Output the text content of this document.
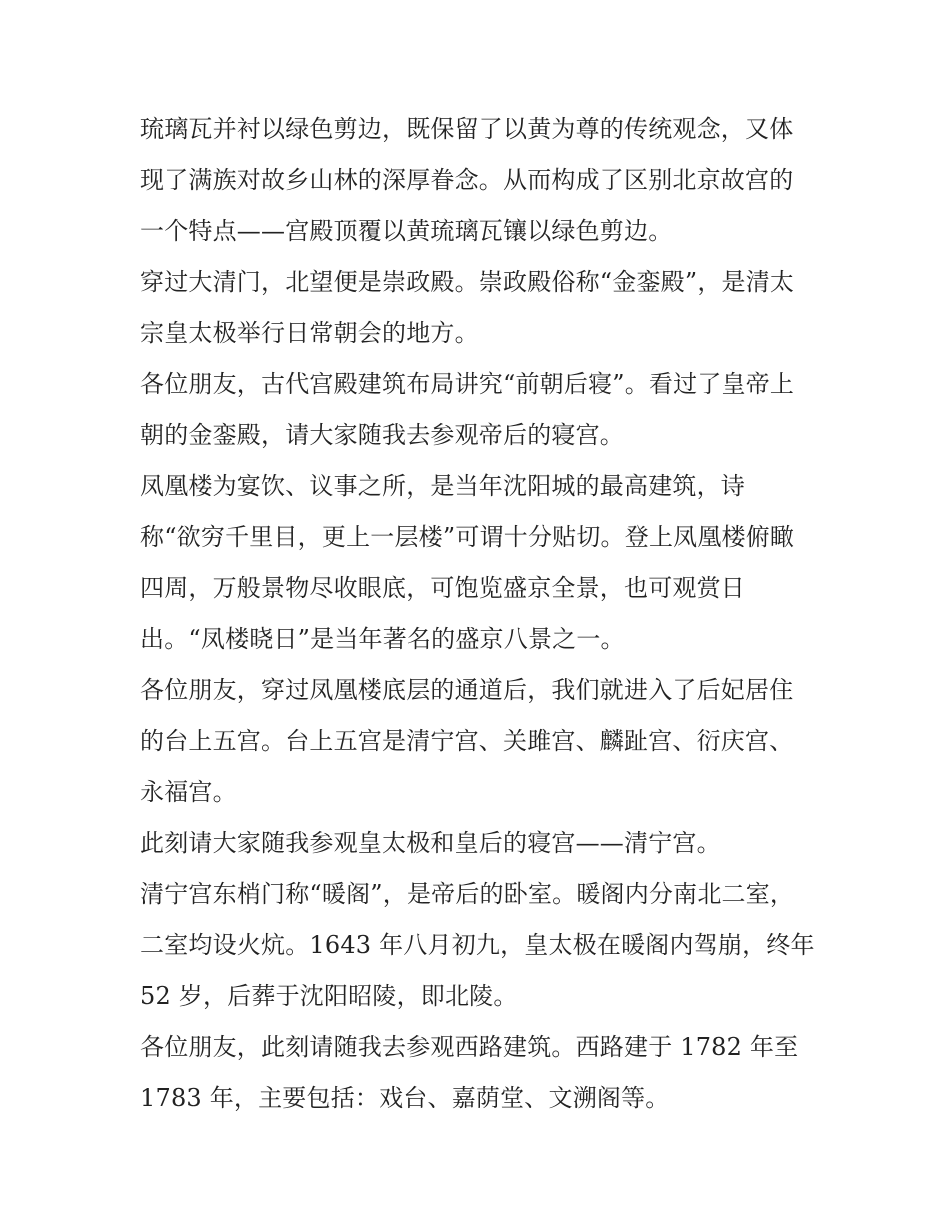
琉璃瓦并衬以绿色剪边，既保留了以黄为尊的传统观念，又体
现了满族对故乡山林的深厚眷念。从而构成了区别北京故宫的
一个特点——宫殿顶覆以黄琉璃瓦镶以绿色剪边。
穿过大清门，北望便是崇政殿。崇政殿俗称“金銮殿”，是清太
宗皇太极举行日常朝会的地方。
各位朋友，古代宫殿建筑布局讲究“前朝后寝”。看过了皇帝上
朝的金銮殿，请大家随我去参观帝后的寝宫。
凤凰楼为宴饮、议事之所，是当年沈阳城的最高建筑，诗
称“欲穷千里目，更上一层楼”可谓十分贴切。登上凤凰楼俯瞰
四周，万般景物尽收眼底，可饱览盛京全景，也可观赏日
出。“凤楼晓日”是当年著名的盛京八景之一。
各位朋友，穿过凤凰楼底层的通道后，我们就进入了后妃居住
的台上五宫。台上五宫是清宁宫、关雎宫、麟趾宫、衍庆宫、
永福宫。
此刻请大家随我参观皇太极和皇后的寝宫——清宁宫。
清宁宫东梢门称“暖阁”，是帝后的卧室。暖阁内分南北二室，
二室均设火炕。1643 年八月初九，皇太极在暖阁内驾崩，终年
52 岁，后葬于沈阳昭陵，即北陵。
各位朋友，此刻请随我去参观西路建筑。西路建于 1782 年至
1783 年，主要包括：戏台、嘉荫堂、文溯阁等。
